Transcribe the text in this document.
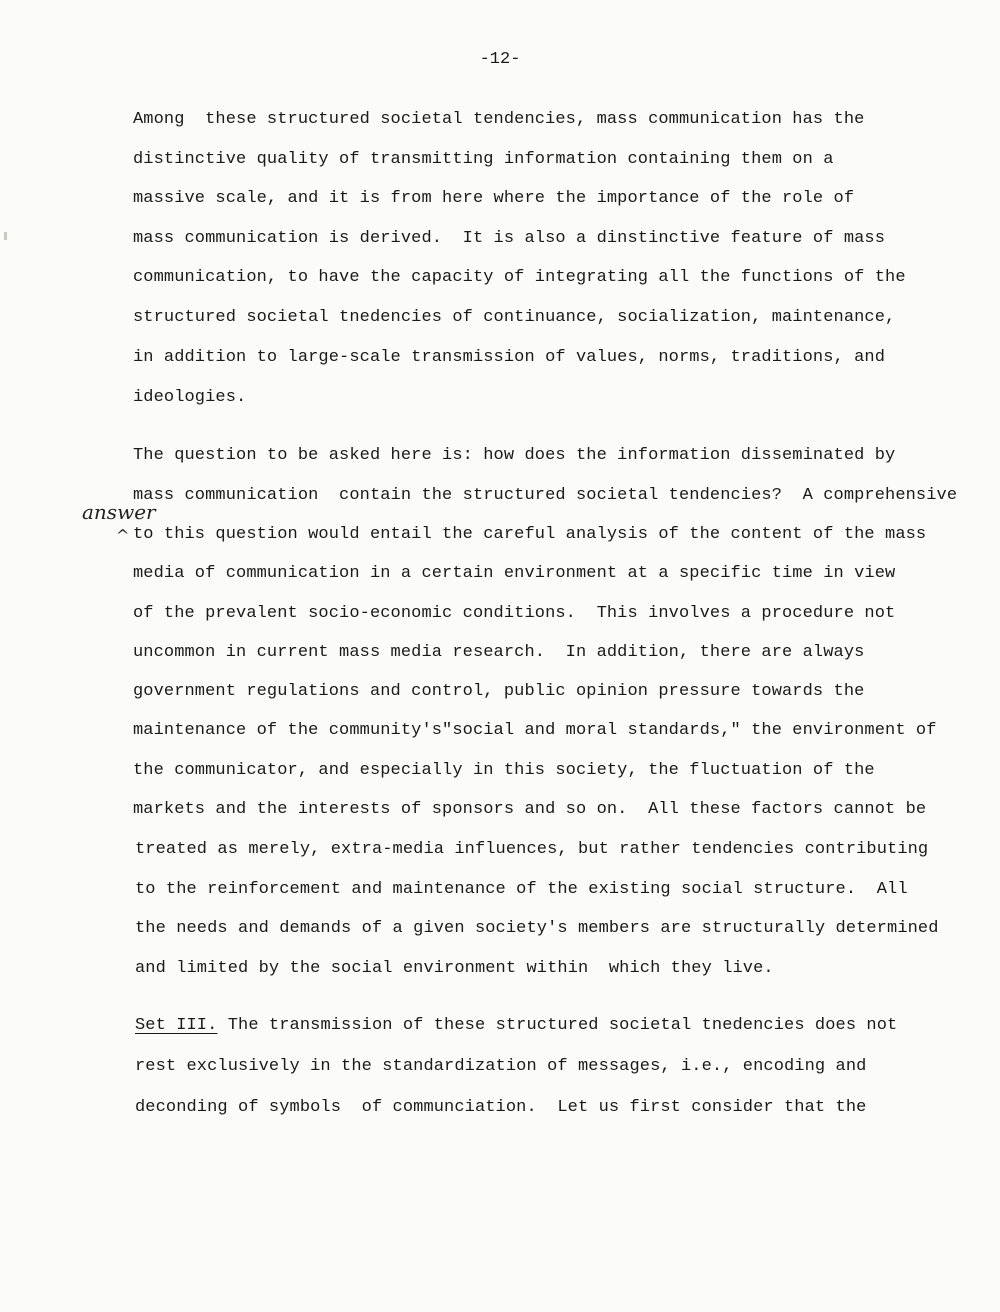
-12-

Among  these structured societal tendencies, mass communication has the

distinctive quality of transmitting information containing them on a

massive scale, and it is from here where the importance of the role of

mass communication is derived.  It is also a dinstinctive feature of mass

communication, to have the capacity of integrating all the functions of the

structured societal tnedencies of continuance, socialization, maintenance,

in addition to large-scale transmission of values, norms, traditions, and

ideologies.

The question to be asked here is: how does the information disseminated by

mass communication  contain the structured societal tendencies?  A comprehensive

answer
^ to this question would entail the careful analysis of the content of the mass

media of communication in a certain environment at a specific time in view

of the prevalent socio-economic conditions.  This involves a procedure not

uncommon in current mass media research.  In addition, there are always

government regulations and control, public opinion pressure towards the

maintenance of the community's"social and moral standards," the environment of

the communicator, and especially in this society, the fluctuation of the

markets and the interests of sponsors and so on.  All these factors cannot be

treated as merely, extra-media influences, but rather tendencies contributing

to the reinforcement and maintenance of the existing social structure.  All

the needs and demands of a given society's members are structurally determined

and limited by the social environment within  which they live.

Set III. The transmission of these structured societal tnedencies does not

rest exclusively in the standardization of messages, i.e., encoding and

deconding of symbols  of communciation.  Let us first consider that the
